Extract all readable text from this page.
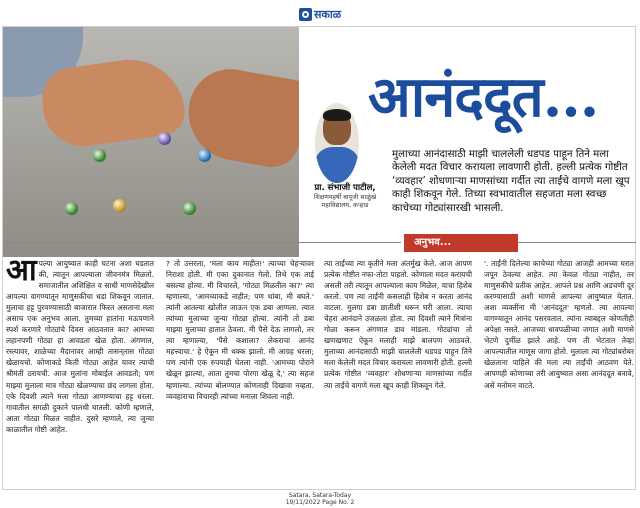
सकाळ
आनंददूत...
प्रा. संभाजी पाटील,
शिक्षणमहर्षी बापूजी साळुंखे महाविद्यालय, कऱ्हाड
मुलाच्या आनंदासाठी माझी चाललेली धडपड पाहून तिने मला केलेली मदत विचार करायला लावणारी होती. हल्ली प्रत्येक गोष्टीत ‘व्यवहार’ शोधणाऱ्या माणसांच्या गर्दीत त्या ताईंचे वागणे मला खूप काही शिकवून गेले. तिच्या स्वभावातील सहजता मला स्वच्छ काचेच्या गोट्यांसारखी भासली.
अनुभव...
आपल्या आयुष्यात काही घटना अशा घडतात की, त्यातून आपल्याला जीवनमंत्र मिळतो. समाजातील अशिक्षित व साधी माणसेदेखील आपल्या वागण्यातून माणुसकीचा धडा शिकवून जातात. मुलाचा हट्ट पुरवण्यासाठी बाजारात फिरत असताना मला असाच एक अनुभव आला. तुमच्या हातांना मऊपणाने स्पर्श करणारे गोट्यांचे दिवस आठवतात का? आमच्या लहानपणी गोट्या हा आवडता खेळ होता. अंगणात, रस्त्यावर, शाळेच्या मैदानावर आम्ही तासन्‌तास गोट्या खेळायचो. कोणाकडे किती गोट्या आहेत यावर त्याची श्रीमंती ठरायची. आज मुलांना मोबाईल आवडतो; पण माझ्या मुलाला मात्र गोट्या खेळण्याचा छंद लागला होता. एके दिवशी त्याने मला गोट्या आणण्याचा हट्ट धरला. गावातील सगळी दुकाने पालथी घातली. कोणी म्हणाले, आता गोट्या मिळत नाहीत. दुसरे म्हणाले, त्या जुन्या काळातील गोष्टी आहेत.
? तो उत्तरला, 'मला काय माहीत!' त्याच्या चेहऱ्यावर निराशा होती. मी एका दुकानात गेलो. तिथे एक ताई बसल्या होत्या. मी विचारले, 'गोट्या मिळतील का?' त्या म्हणाल्या, 'आमच्याकडे नाहीत; पण थांबा, मी बघते.' त्यांनी आतल्या खोलीत जाऊन एक डबा आणला. त्यात त्यांच्या मुलाच्या जुन्या गोट्या होत्या. त्यांनी तो डबा माझ्या मुलाच्या हातात ठेवला. मी पैसे देऊ लागलो, तर त्या म्हणाल्या, 'पैसे कशाला? लेकराचा आनंद महत्त्वाचा.' हे ऐकून मी थक्क झालो. मी आग्रह धरला; पण त्यांनी एक रुपयाही घेतला नाही. 'आमच्या पोराने खेळून झाल्या, आता तुमचा पोरगा खेळू दे,' त्या सहज म्हणाल्या. त्यांच्या बोलण्यात कोणताही दिखावा नव्हता. व्यवहाराचा विचारही त्यांच्या मनाला शिवला नाही.
त्या ताईंच्या त्या कृतीने मला अंतर्मुख केले. आज आपण प्रत्येक गोष्टीत नफा-तोटा पाहतो. कोणाला मदत करायची असली तरी त्यातून आपल्याला काय मिळेल, याचा हिशेब करतो. पण त्या ताईंनी कसलाही हिशेब न करता आनंद वाटला. मुलगा डबा छातीशी धरून घरी आला. त्याचा चेहरा आनंदाने उजळला होता. त्या दिवशी त्याने मित्रांना गोळा करून अंगणात डाव मांडला. गोट्यांचा तो खणखणाट ऐकून मलाही माझे बालपण आठवले. मुलाच्या आनंदासाठी माझी चाललेली धडपड पाहून तिने मला केलेली मदत विचार करायला लावणारी होती. हल्ली प्रत्येक गोष्टीत ‘व्यवहार’ शोधणाऱ्या माणसांच्या गर्दीत त्या ताईंचे वागणे मला खूप काही शिकवून गेले.
'. ताईंनी दिलेल्या काचेच्या गोट्या आजही आमच्या घरात जपून ठेवल्या आहेत. त्या केवळ गोट्या नाहीत, तर माणुसकीचे प्रतीक आहेत. आपले प्रश्न आणि अडचणी दूर करण्यासाठी अशी माणसे आपल्या आयुष्यात येतात. अशा व्यक्तींना मी 'आनंददूत' म्हणतो. त्या आपल्या वागण्यातून आनंद पसरवतात. त्यांना त्याबद्दल कोणतीही अपेक्षा नसते. आजच्या धावपळीच्या जगात अशी माणसे भेटणे दुर्मीळ झाले आहे. पण ती भेटतात तेव्हा आपल्यातील माणूस जागा होतो. मुलाला त्या गोट्यांबरोबर खेळताना पाहिले की मला त्या ताईंची आठवण येते. आपणही कोणाच्या तरी आयुष्यात असा आनंददूत बनावे, असे मनोमन वाटते.
Satara, Satara-Today
19/11/2022 Page No. 2
